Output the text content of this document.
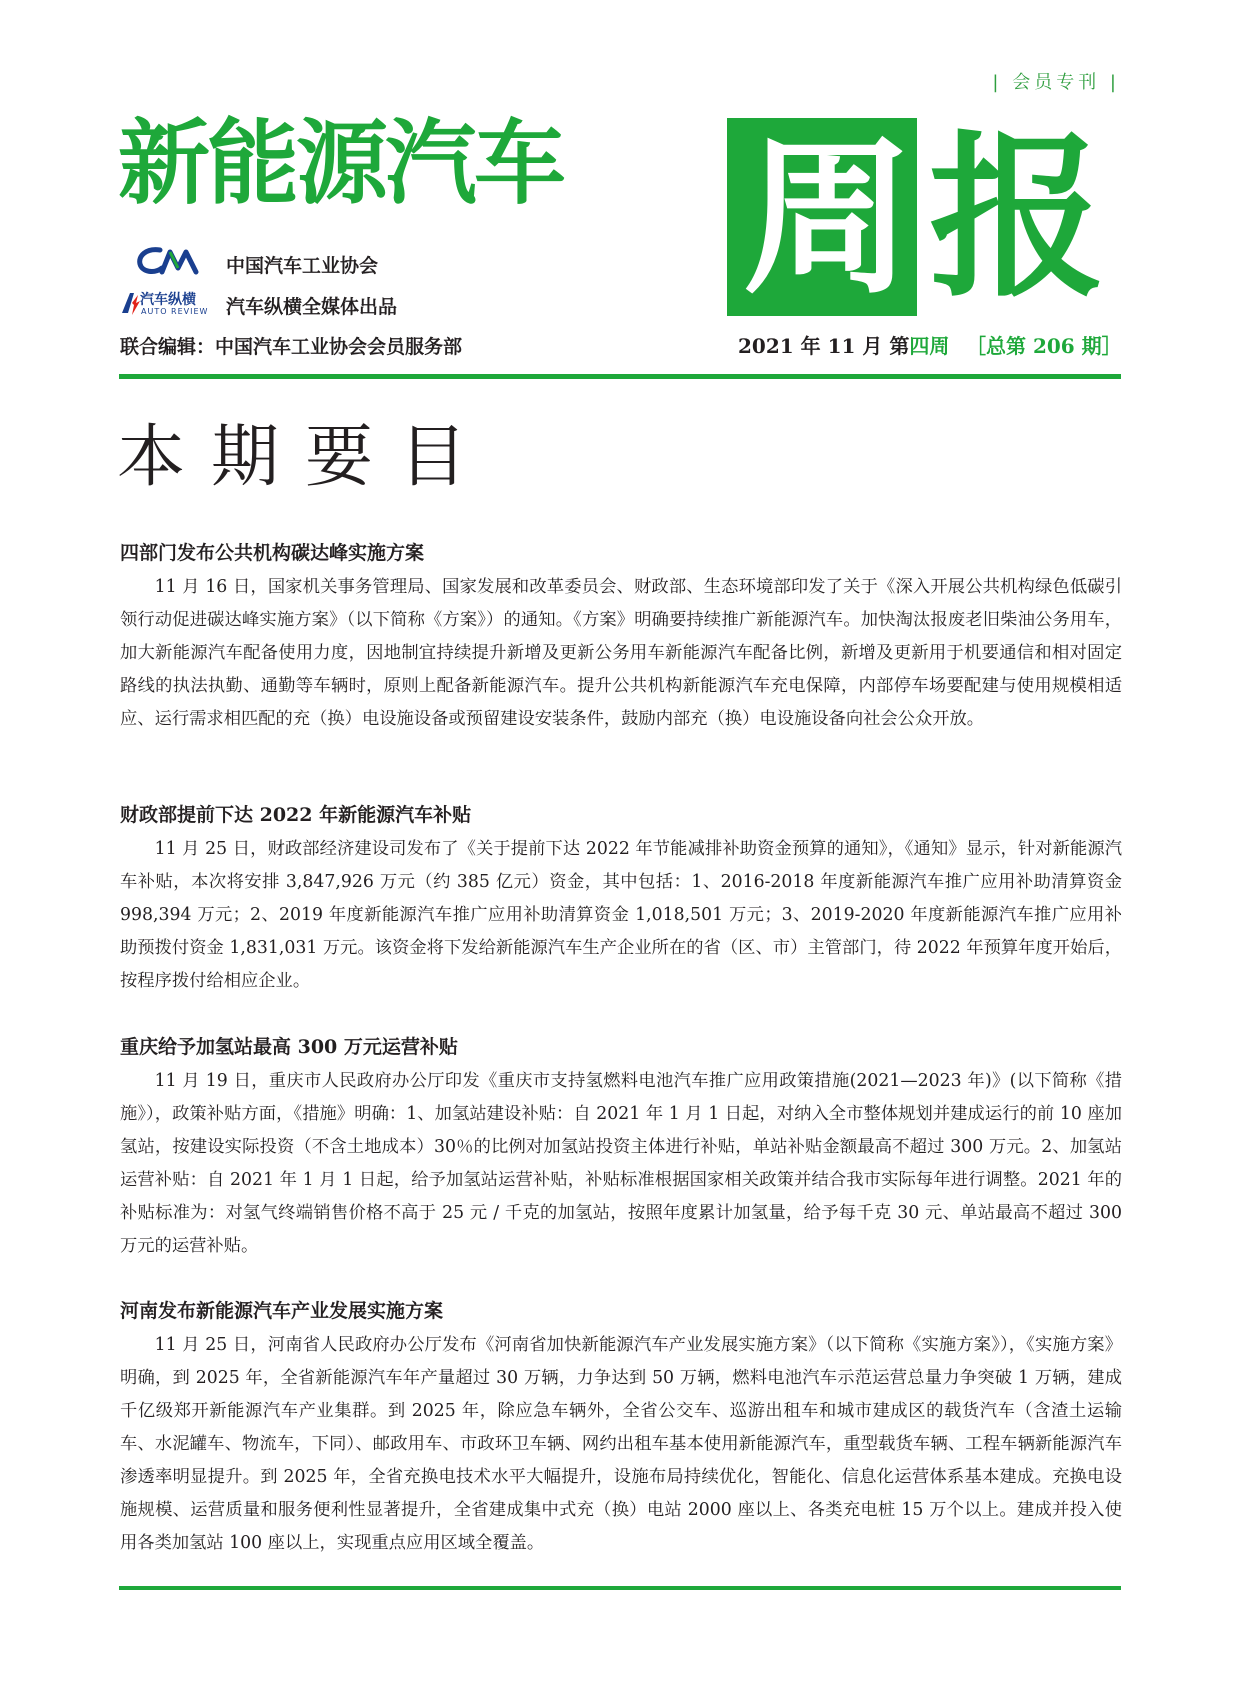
| 会员专刊 |
新能源汽车 周 报
中国汽车工业协会
汽车纵横
AUTO REVIEW 汽车纵横全媒体出品
联合编辑：中国汽车工业协会会员服务部	2021 年 11 月 第四周 ［总第 206 期］
本期要目
四部门发布公共机构碳达峰实施方案

11 月 16 日，国家机关事务管理局、国家发展和改革委员会、财政部、生态环境部印发了关于《深入开展公共机构绿色低碳引领行动促进碳达峰实施方案》（以下简称《方案》）的通知。《方案》明确要持续推广新能源汽车。加快淘汰报废老旧柴油公务用车，加大新能源汽车配备使用力度，因地制宜持续提升新增及更新公务用车新能源汽车配备比例，新增及更新用于机要通信和相对固定路线的执法执勤、通勤等车辆时，原则上配备新能源汽车。提升公共机构新能源汽车充电保障，内部停车场要配建与使用规模相适应、运行需求相匹配的充（换）电设施设备或预留建设安装条件，鼓励内部充（换）电设施设备向社会公众开放。

财政部提前下达 2022 年新能源汽车补贴

11 月 25 日，财政部经济建设司发布了《关于提前下达 2022 年节能减排补助资金预算的通知》，《通知》显示，针对新能源汽车补贴，本次将安排 3,847,926 万元（约 385 亿元）资金，其中包括：1、2016-2018 年度新能源汽车推广应用补助清算资金 998,394 万元；2、2019 年度新能源汽车推广应用补助清算资金 1,018,501 万元；3、2019-2020 年度新能源汽车推广应用补助预拨付资金 1,831,031 万元。该资金将下发给新能源汽车生产企业所在的省（区、市）主管部门，待 2022 年预算年度开始后，按程序拨付给相应企业。

重庆给予加氢站最高 300 万元运营补贴

11 月 19 日，重庆市人民政府办公厅印发《重庆市支持氢燃料电池汽车推广应用政策措施(2021—2023 年)》(以下简称《措施》），政策补贴方面，《措施》明确：1、加氢站建设补贴：自 2021 年 1 月 1 日起，对纳入全市整体规划并建成运行的前 10 座加氢站，按建设实际投资（不含土地成本）30％的比例对加氢站投资主体进行补贴，单站补贴金额最高不超过 300 万元。2、加氢站运营补贴：自 2021 年 1 月 1 日起，给予加氢站运营补贴，补贴标准根据国家相关政策并结合我市实际每年进行调整。2021 年的补贴标准为：对氢气终端销售价格不高于 25 元 / 千克的加氢站，按照年度累计加氢量，给予每千克 30 元、单站最高不超过 300 万元的运营补贴。

河南发布新能源汽车产业发展实施方案

11 月 25 日，河南省人民政府办公厅发布《河南省加快新能源汽车产业发展实施方案》（以下简称《实施方案》），《实施方案》明确，到 2025 年，全省新能源汽车年产量超过 30 万辆，力争达到 50 万辆，燃料电池汽车示范运营总量力争突破 1 万辆，建成千亿级郑开新能源汽车产业集群。到 2025 年，除应急车辆外，全省公交车、巡游出租车和城市建成区的载货汽车（含渣土运输车、水泥罐车、物流车，下同）、邮政用车、市政环卫车辆、网约出租车基本使用新能源汽车，重型载货车辆、工程车辆新能源汽车渗透率明显提升。到 2025 年，全省充换电技术水平大幅提升，设施布局持续优化，智能化、信息化运营体系基本建成。充换电设施规模、运营质量和服务便利性显著提升，全省建成集中式充（换）电站 2000 座以上、各类充电桩 15 万个以上。建成并投入使用各类加氢站 100 座以上，实现重点应用区域全覆盖。
